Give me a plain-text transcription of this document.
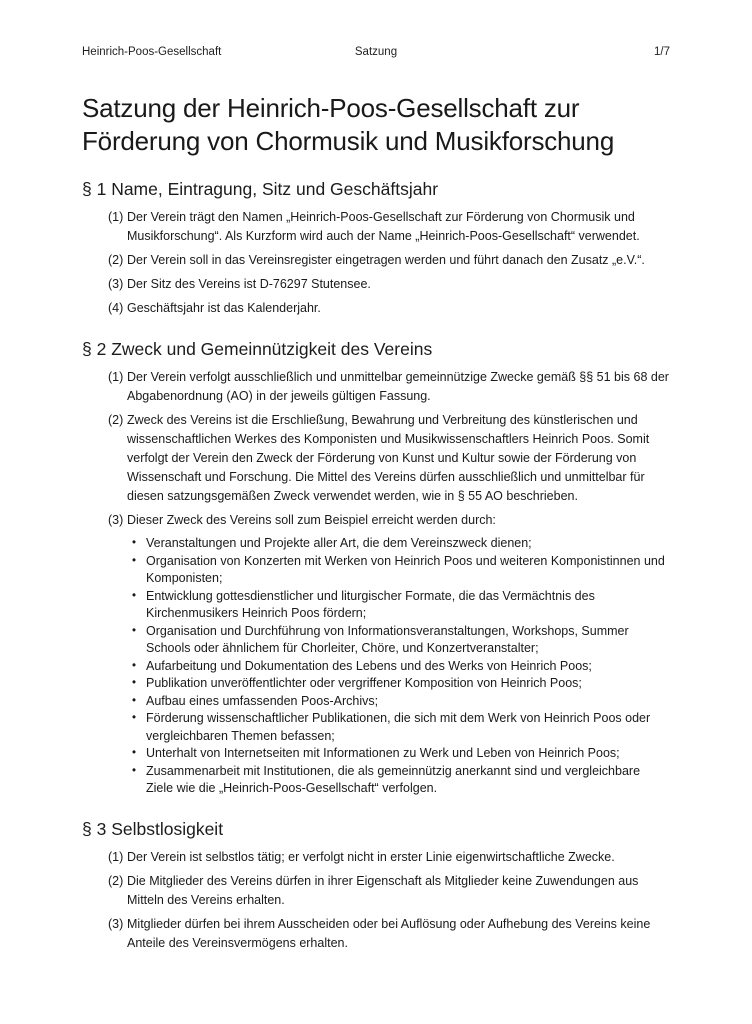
Heinrich-Poos-Gesellschaft	Satzung	1/7
Satzung der Heinrich-Poos-Gesellschaft zur Förderung von Chormusik und Musikforschung
§ 1 Name, Eintragung, Sitz und Geschäftsjahr
(1) Der Verein trägt den Namen „Heinrich-Poos-Gesellschaft zur Förderung von Chormusik und Musikforschung“. Als Kurzform wird auch der Name „Heinrich-Poos-Gesellschaft“ verwendet.
(2) Der Verein soll in das Vereinsregister eingetragen werden und führt danach den Zusatz „e.V.“.
(3) Der Sitz des Vereins ist D-76297 Stutensee.
(4) Geschäftsjahr ist das Kalenderjahr.
§ 2 Zweck und Gemeinnützigkeit des Vereins
(1) Der Verein verfolgt ausschließlich und unmittelbar gemeinnützige Zwecke gemäß §§ 51 bis 68 der Abgabenordnung (AO) in der jeweils gültigen Fassung.
(2) Zweck des Vereins ist die Erschließung, Bewahrung und Verbreitung des künstlerischen und wissenschaftlichen Werkes des Komponisten und Musikwissenschaftlers Heinrich Poos. Somit verfolgt der Verein den Zweck der Förderung von Kunst und Kultur sowie der Förderung von Wissenschaft und Forschung. Die Mittel des Vereins dürfen ausschließlich und unmittelbar für diesen satzungsgemäßen Zweck verwendet werden, wie in § 55 AO beschrieben.
(3) Dieser Zweck des Vereins soll zum Beispiel erreicht werden durch:
• Veranstaltungen und Projekte aller Art, die dem Vereinszweck dienen;
• Organisation von Konzerten mit Werken von Heinrich Poos und weiteren Komponistinnen und Komponisten;
• Entwicklung gottesdienstlicher und liturgischer Formate, die das Vermächtnis des Kirchenmusikers Heinrich Poos fördern;
• Organisation und Durchführung von Informationsveranstaltungen, Workshops, Summer Schools oder ähnlichem für Chorleiter, Chöre, und Konzertveranstalter;
• Aufarbeitung und Dokumentation des Lebens und des Werks von Heinrich Poos;
• Publikation unveröffentlichter oder vergriffener Komposition von Heinrich Poos;
• Aufbau eines umfassenden Poos-Archivs;
• Förderung wissenschaftlicher Publikationen, die sich mit dem Werk von Heinrich Poos oder vergleichbaren Themen befassen;
• Unterhalt von Internetseiten mit Informationen zu Werk und Leben von Heinrich Poos;
• Zusammenarbeit mit Institutionen, die als gemeinnützig anerkannt sind und vergleichbare Ziele wie die „Heinrich-Poos-Gesellschaft“ verfolgen.
§ 3 Selbstlosigkeit
(1) Der Verein ist selbstlos tätig; er verfolgt nicht in erster Linie eigenwirtschaftliche Zwecke.
(2) Die Mitglieder des Vereins dürfen in ihrer Eigenschaft als Mitglieder keine Zuwendungen aus Mitteln des Vereins erhalten.
(3) Mitglieder dürfen bei ihrem Ausscheiden oder bei Auflösung oder Aufhebung des Vereins keine Anteile des Vereinsvermögens erhalten.
